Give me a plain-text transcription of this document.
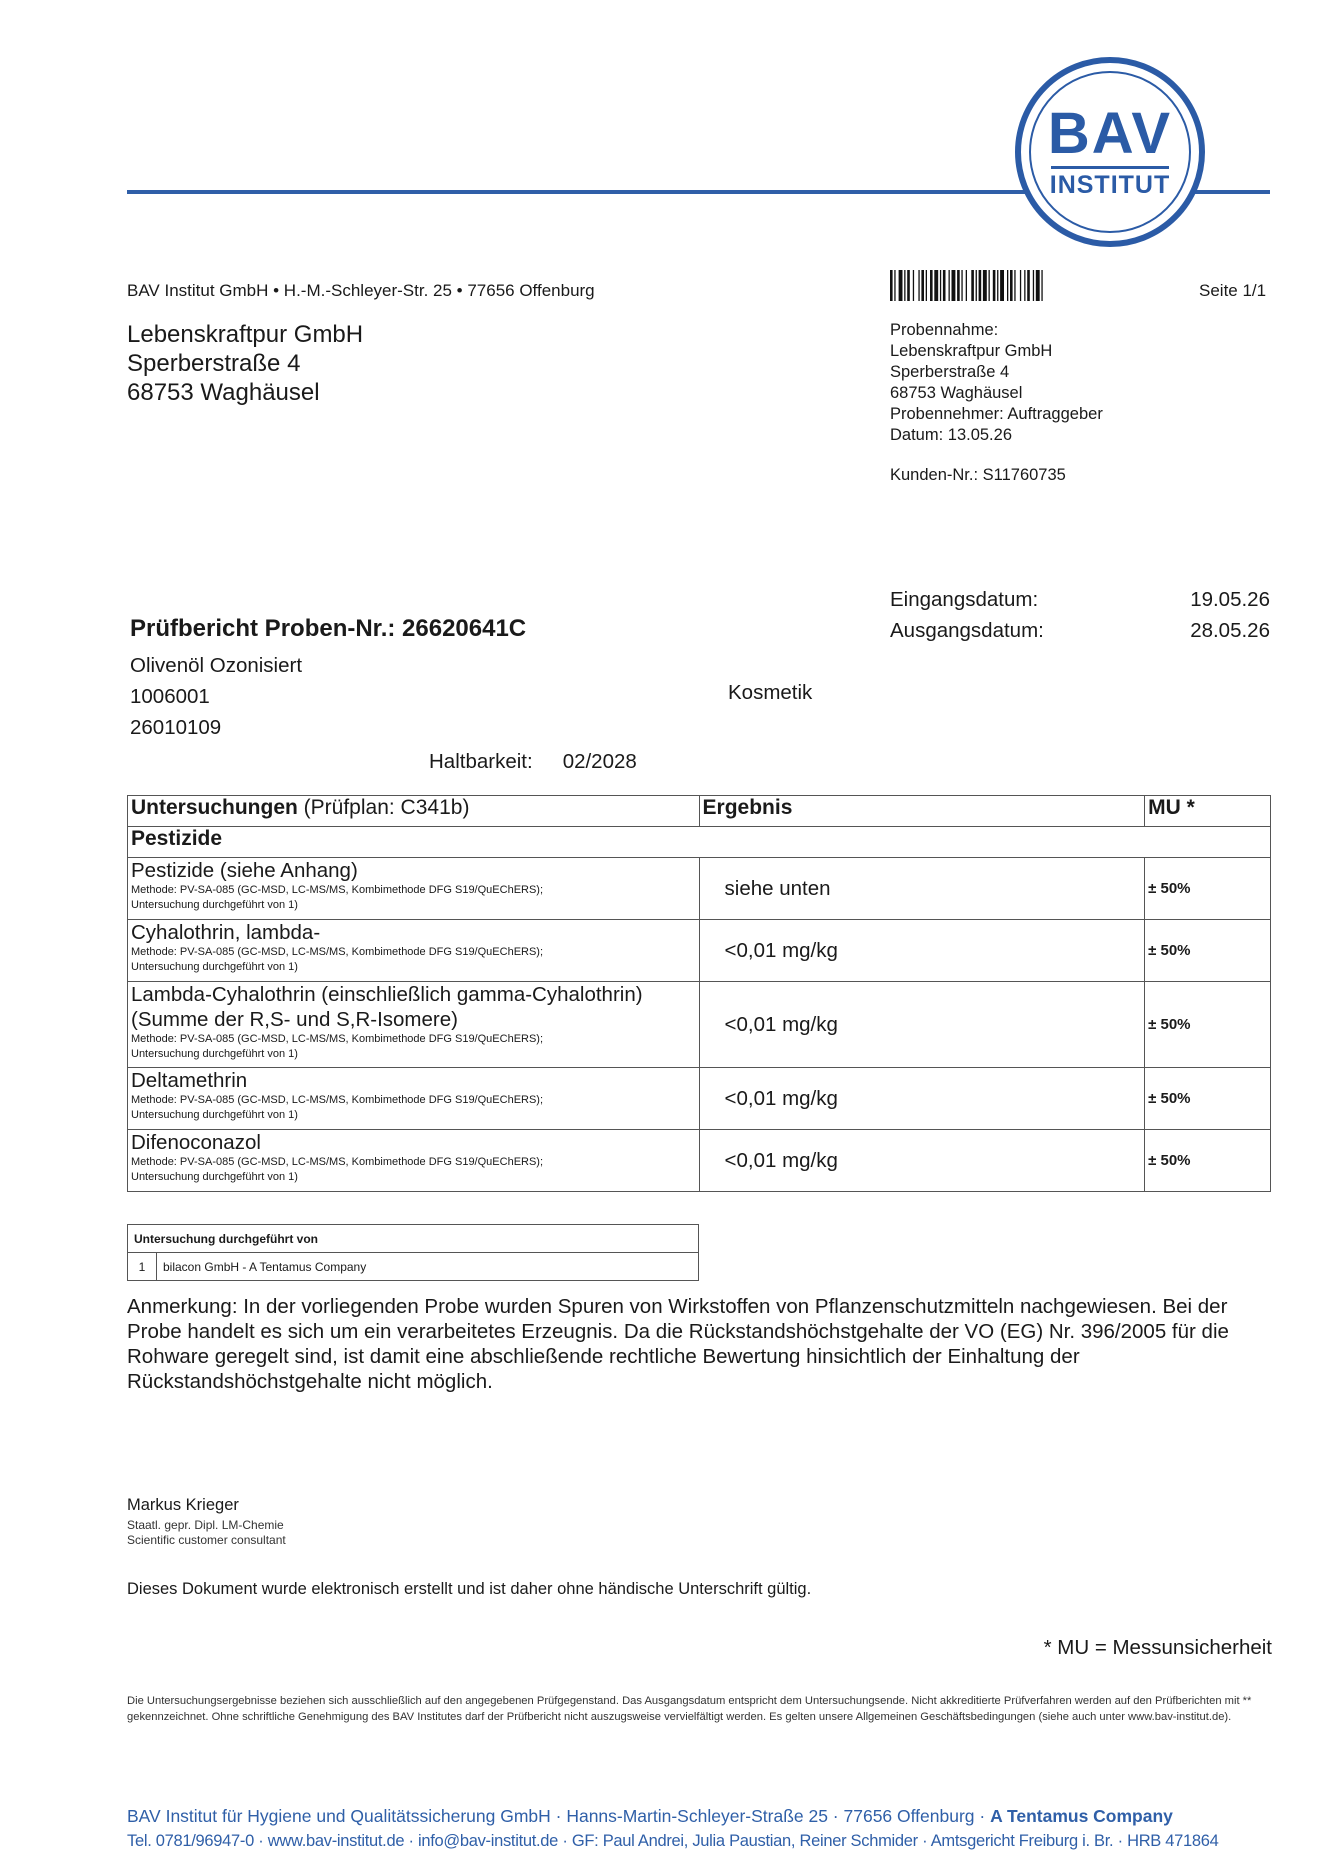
BAV
INSTITUT
BAV Institut GmbH • H.-M.-Schleyer-Str. 25 • 77656 Offenburg	Seite 1/1
Lebenskraftpur GmbH
Sperberstraße 4
68753 Waghäusel
Probennahme:
Lebenskraftpur GmbH
Sperberstraße 4
68753 Waghäusel
Probennehmer: Auftraggeber
Datum: 13.05.26
Kunden-Nr.: S11760735
Eingangsdatum:	19.05.26
Ausgangsdatum:	28.05.26
Prüfbericht Proben-Nr.: 26620641C
Olivenöl Ozonisiert
1006001
26010109
Kosmetik
Haltbarkeit: 02/2028
Untersuchungen (Prüfplan: C341b)	Ergebnis	MU *
Pestizide		

Pestizide (siehe Anhang)
Methode: PV-SA-085 (GC-MSD, LC-MS/MS, Kombimethode DFG S19/QuEChERS);
Untersuchung durchgeführt von 1)	siehe unten	± 50%

Cyhalothrin, lambda-
Methode: PV-SA-085 (GC-MSD, LC-MS/MS, Kombimethode DFG S19/QuEChERS);
Untersuchung durchgeführt von 1)	<0,01 mg/kg	± 50%

Lambda-Cyhalothrin (einschließlich gamma-Cyhalothrin)
(Summe der R,S- und S,R-Isomere)
Methode: PV-SA-085 (GC-MSD, LC-MS/MS, Kombimethode DFG S19/QuEChERS);
Untersuchung durchgeführt von 1)	<0,01 mg/kg	± 50%

Deltamethrin
Methode: PV-SA-085 (GC-MSD, LC-MS/MS, Kombimethode DFG S19/QuEChERS);
Untersuchung durchgeführt von 1)	<0,01 mg/kg	± 50%

Difenoconazol
Methode: PV-SA-085 (GC-MSD, LC-MS/MS, Kombimethode DFG S19/QuEChERS);
Untersuchung durchgeführt von 1)	<0,01 mg/kg	± 50%
Untersuchung durchgeführt von
1	bilacon GmbH - A Tentamus Company
Anmerkung: In der vorliegenden Probe wurden Spuren von Wirkstoffen von Pflanzenschutzmitteln nachgewiesen. Bei der Probe handelt es sich um ein verarbeitetes Erzeugnis. Da die Rückstandshöchstgehalte der VO (EG) Nr. 396/2005 für die Rohware geregelt sind, ist damit eine abschließende rechtliche Bewertung hinsichtlich der Einhaltung der Rückstandshöchstgehalte nicht möglich.
Markus Krieger
Staatl. gepr. Dipl. LM-Chemie
Scientific customer consultant
Dieses Dokument wurde elektronisch erstellt und ist daher ohne händische Unterschrift gültig.
* MU = Messunsicherheit
Die Untersuchungsergebnisse beziehen sich ausschließlich auf den angegebenen Prüfgegenstand. Das Ausgangsdatum entspricht dem Untersuchungsende. Nicht akkreditierte Prüfverfahren werden auf den Prüfberichten mit ** gekennzeichnet. Ohne schriftliche Genehmigung des BAV Institutes darf der Prüfbericht nicht auszugsweise vervielfältigt werden. Es gelten unsere Allgemeinen Geschäftsbedingungen (siehe auch unter www.bav-institut.de).
BAV Institut für Hygiene und Qualitätssicherung GmbH · Hanns-Martin-Schleyer-Straße 25 · 77656 Offenburg · A Tentamus Company
Tel. 0781/96947-0 · www.bav-institut.de · info@bav-institut.de · GF: Paul Andrei, Julia Paustian, Reiner Schmider · Amtsgericht Freiburg i. Br. · HRB 471864
